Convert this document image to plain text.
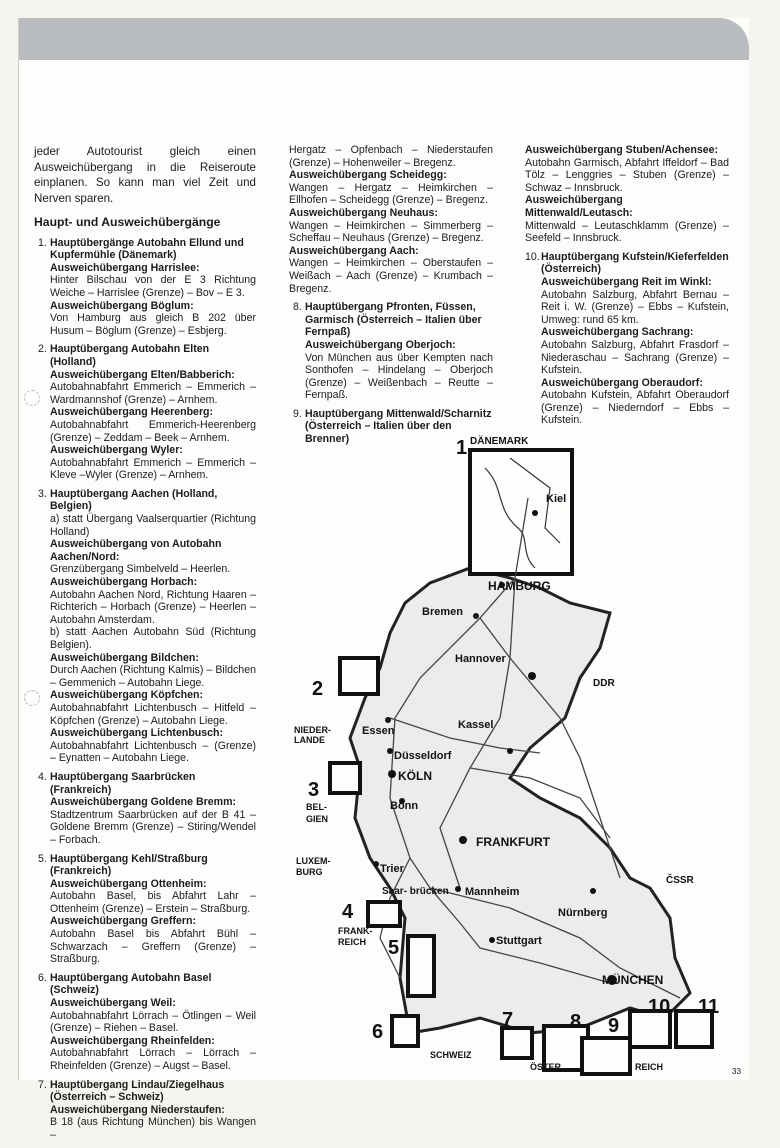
jeder Autotourist gleich einen Ausweichübergang in die Reiseroute einplanen. So kann man viel Zeit und Nerven sparen.

Haupt- und Ausweichübergänge
1. Hauptübergänge Autobahn Ellund und Kupfermühle (Dänemark)
Ausweichübergang Harrislee:
Hinter Bilschau von der E 3 Richtung Weiche – Harrislee (Grenze) – Bov – E 3.
Ausweichübergang Böglum:
Von Hamburg aus gleich B 202 über Husum – Böglum (Grenze) – Esbjerg.
2. Hauptübergang Autobahn Elten (Holland)
Ausweichübergang Elten/Babberich:
Autobahnabfahrt Emmerich – Emmerich – Wardmannshof (Grenze) – Arnhem.
Ausweichübergang Heerenberg:
Autobahnabfahrt Emmerich-Heerenberg (Grenze) – Zeddam – Beek – Arnhem.
Ausweichübergang Wyler:
Autobahnabfahrt Emmerich – Emmerich – Kleve –Wyler (Grenze) – Arnhem.
3. Hauptübergang Aachen (Holland, Belgien)
a) statt Übergang Vaalserquartier (Richtung Holland)
Ausweichübergang von Autobahn Aachen/Nord:
Grenzübergang Simbelveld – Heerlen.
Ausweichübergang Horbach:
Autobahn Aachen Nord, Richtung Haaren – Richterich – Horbach (Grenze) – Heerlen – Autobahn Amsterdam.
b) statt Aachen Autobahn Süd (Richtung Belgien).
Ausweichübergang Bildchen:
Durch Aachen (Richtung Kalmis) – Bildchen – Gemmenich – Autobahn Liege.
Ausweichübergang Köpfchen:
Autobahnabfahrt Lichtenbusch – Hitfeld – Köpfchen (Grenze) – Autobahn Liege.
Ausweichübergang Lichtenbusch:
Autobahnabfahrt Lichtenbusch – (Grenze) – Eynatten – Autobahn Liege.
4. Hauptübergang Saarbrücken (Frankreich)
Ausweichübergang Goldene Bremm:
Stadtzentrum Saarbrücken auf der B 41 – Goldene Bremm (Grenze) – Stiring/Wendel – Forbach.
5. Hauptübergang Kehl/Straßburg (Frankreich)
Ausweichübergang Ottenheim:
Autobahn Basel, bis Abfahrt Lahr – Ottenheim (Grenze) – Erstein – Straßburg.
Ausweichübergang Greffern:
Autobahn Basel bis Abfahrt Bühl – Schwarzach – Greffern (Grenze) – Straßburg.
6. Hauptübergang Autobahn Basel (Schweiz)
Ausweichübergang Weil:
Autobahnabfahrt Lörrach – Ötlingen – Weil (Grenze) – Riehen – Basel.
Ausweichübergang Rheinfelden:
Autobahnabfahrt Lörrach – Lörrach – Rheinfelden (Grenze) – Augst – Basel.
7. Hauptübergang Lindau/Ziegelhaus (Österreich – Schweiz)
Ausweichübergang Niederstaufen:
B 18 (aus Richtung München) bis Wangen –
Hergatz – Opfenbach – Niederstaufen (Grenze) – Hohenweiler – Bregenz.
Ausweichübergang Scheidegg:
Wangen – Hergatz – Heimkirchen – Ellhofen – Scheidegg (Grenze) – Bregenz.
Ausweichübergang Neuhaus:
Wangen – Heimkirchen – Simmerberg – Scheffau – Neuhaus (Grenze) – Bregenz.
Ausweichübergang Aach:
Wangen – Heimkirchen – Oberstaufen – Weißach – Aach (Grenze) – Krumbach – Bregenz.
8. Hauptübergang Pfronten, Füssen, Garmisch (Österreich – Italien über Fernpaß)
Ausweichübergang Oberjoch:
Von München aus über Kempten nach Sonthofen – Hindelang – Oberjoch (Grenze) – Weißenbach – Reutte – Fernpaß.
9. Hauptübergang Mittenwald/Scharnitz (Österreich – Italien über den Brenner)
Ausweichübergang Stuben/Achensee:
Autobahn Garmisch, Abfahrt Iffeldorf – Bad Tölz – Lenggries – Stuben (Grenze) – Schwaz – Innsbruck.
Ausweichübergang Mittenwald/Leutasch:
Mittenwald – Leutaschklamm (Grenze) – Seefeld – Innsbruck.
10. Hauptübergang Kufstein/Kieferfelden (Österreich)
Ausweichübergang Reit im Winkl:
Autobahn Salzburg, Abfahrt Bernau – Reit i. W. (Grenze) – Ebbs – Kufstein, Umweg: rund 65 km.
Ausweichübergang Sachrang:
Autobahn Salzburg, Abfahrt Frasdorf – Niederaschau – Sachrang (Grenze) – Kufstein.
Ausweichübergang Oberaudorf:
Autobahn Kufstein, Abfahrt Oberaudorf (Grenze) – Niederndorf – Ebbs – Kufstein.
DÄNEMARK
Kiel
HAMBURG
Bremen
Hannover
DDR
NIEDER-
LANDE
Essen
Düsseldorf
KÖLN
Kassel
Bonn
BEL-
GIEN
FRANKFURT
LUXEM-
BURG	Trier
Saar- brücken Mannheim
ČSSR
Nürnberg
FRANK-
REICH	Stuttgart
MÜNCHEN
SCHWEIZ
ÖSTER	REICH
1
2
3
4
5
6
7	8 9
10 11
33
